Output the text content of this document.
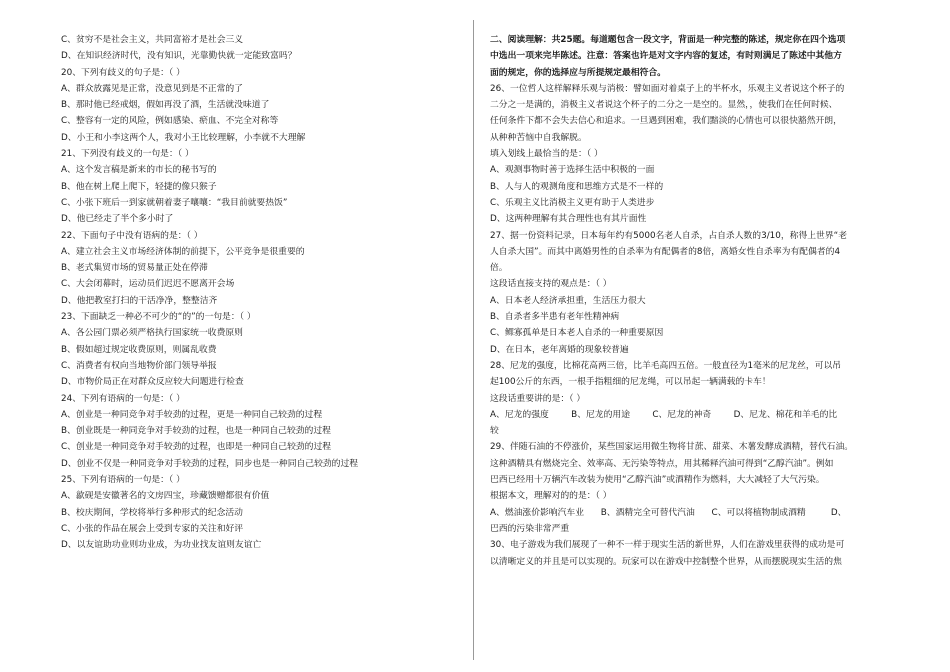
C、贫穷不是社会主义，共同富裕才是社会三义
D、在知识经济时代，没有知识，光靠勤快就一定能致富吗？
20、下列有歧义的句子是：（ ）
A、群众放露见是正常，没意见到是不正常的了
B、那时他已经戒烟，假如再没了酒，生活就没味道了
C、整容有一定的风险，例如感染、瘀血、不完全对称等
D、小王和小李这两个人，我对小王比较理解，小李就不大理解
21、下列没有歧义的一句是：（ ）
A、这个发言稿是新来的市长的秘书写的
B、他在树上爬上爬下，轻捷的像只猴子
C、小张下班后一到家就朝着妻子嚷嚷：“我目前就要热饭”
D、他已经走了半个多小时了
22、下面句子中没有语病的是：（ ）
A、建立社会主义市场经济体制的前提下，公平竞争是很重要的
B、老式集贸市场的贸易量正处在停滞
C、大会闭幕时，运动员们迟迟不愿离开会场
D、他把教室打扫的干活净净，整整洁齐
23、下面缺乏一种必不可少的“的”的一句是：（ ）
A、各公园门票必须严格执行国家统一收费原则
B、假如超过规定收费原则，则属乱收费
C、消费者有权向当地物价部门领导举报
D、市物价局正在对群众反应较大问题进行检查
24、下列有语病的一句是：（ ）
A、创业是一种同竞争对手较劲的过程，更是一种同自己较劲的过程
B、创业既是一种同竞争对手较劲的过程，也是一种同自己较劲的过程
C、创业是一种同竞争对手较劲的过程，也即是一种同自己较劲的过程
D、创业不仅是一种同竞争对手较劲的过程，同步也是一种同自己较劲的过程
25、下列有语病的一句是：（ ）
A、歙砚是安徽著名的文房四宝，珍藏馈赠都很有价值
B、校庆期间，学校将举行多种形式的纪念活动
C、小张的作品在展会上受到专家的关注和好评
D、以友谊助功业则功业成，为功业找友谊则友谊亡
二、阅读理解：共25题。每道题包含一段文字，背面是一种完整的陈述，规定你在四个选项
中选出一项来完毕陈述。注意：答案也许是对文字内容的复述，有时则满足了陈述中其他方
面的规定，你的选择应与所提规定最相符合。
26、一位哲人这样解释乐观与消极：譬如面对着桌子上的半杯水，乐观主义者说这个杯子的
二分之一是满的，消极主义者说这个杯子的二分之一是空的。显然，，使我们在任何时候、
任何条件下都不会失去信心和追求。一旦遇到困难，我们黯淡的心情也可以很快豁然开朗，
从种种苦恼中自我解脱。
填入划线上最恰当的是：（ ）
A、观测事物时善于选择生活中积极的一面
B、人与人的观测角度和思维方式是不一样的
C、乐观主义比消极主义更有助于人类进步
D、这两种理解有其合理性也有其片面性
27、据一份资料记录，日本每年约有5000名老人自杀，占自杀人数的3/10，称得上世界“老
人自杀大国”。而其中离婚男性的自杀率为有配偶者的8倍，离婚女性自杀率为有配偶者的4
倍。
这段话直接支持的观点是：（ ）
A、日本老人经济承担重，生活压力很大
B、自杀者多半患有老年性精神病
C、鳏寡孤单是日本老人自杀的一种重要原因
D、在日本，老年离婚的现象较普遍
28、尼龙的强度，比棉花高两三倍，比羊毛高四五倍。一般直径为1毫米的尼龙丝，可以吊
起100公斤的东西，一根手指粗细的尼龙绳，可以吊起一辆满载的卡车！
这段话重要讲的是：（ ）
A、尼龙的强度        B、尼龙的用途        C、尼龙的神奇        D、尼龙、棉花和羊毛的比
较
29、伴随石油的不停涨价，某些国家运用微生物将甘蔗、甜菜、木薯发酵成酒精，替代石油。
这种酒精具有燃烧完全、效率高、无污染等特点，用其稀释汽油可得到“乙醇汽油”。例如
巴西已经用十万辆汽车改装为使用“乙醇汽油”或酒精作为燃料，大大减轻了大气污染。
根据本文，理解对的的是：（ ）
A、燃油涨价影响汽车业      B、酒精完全可替代汽油      C、可以将植物制成酒精         D、
巴西的污染非常严重
30、电子游戏为我们展现了一种不一样于现实生活的新世界，人们在游戏里获得的成功是可
以清晰定义的并且是可以实现的。玩家可以在游戏中控制整个世界，从而摆脱现实生活的焦
